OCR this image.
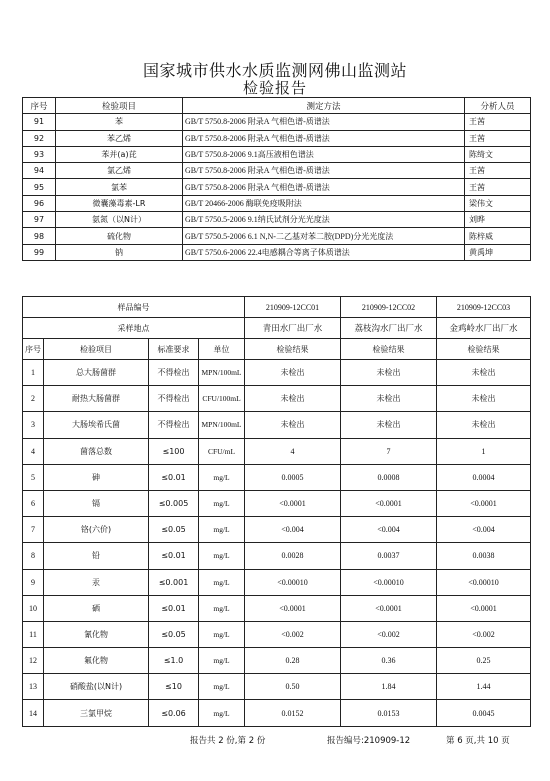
国家城市供水水质监测网佛山监测站
检验报告
序号	检验项目	测定方法	分析人员
91	苯	GB/T 5750.8-2006 附录A 气相色谱-质谱法	王茜
92	苯乙烯	GB/T 5750.8-2006 附录A 气相色谱-质谱法	王茜
93	苯并(a)芘	GB/T 5750.8-2006 9.1高压液相色谱法	陈绮文
94	氯乙烯	GB/T 5750.8-2006 附录A 气相色谱-质谱法	王茜
95	氯苯	GB/T 5750.8-2006 附录A 气相色谱-质谱法	王茜
96	微囊藻毒素-LR	GB/T 20466-2006 酶联免疫吸附法	梁伟文
97	氨氮（以N计）	GB/T 5750.5-2006 9.1纳氏试剂分光光度法	刘晔
98	硫化物	GB/T 5750.5-2006 6.1 N,N-二乙基对苯二胺(DPD)分光光度法	陈梓威
99	钠	GB/T 5750.6-2006 22.4电感耦合等离子体质谱法	黄禹坤
样品编号				210909-12CC01	210909-12CC02	210909-12CC03
采样地点				青田水厂出厂水	荔枝沟水厂出厂水	金鸡岭水厂出厂水
序号	检验项目	标准要求	单位	检验结果	检验结果	检验结果
1	总大肠菌群	不得检出	MPN/100mL	未检出	未检出	未检出
2	耐热大肠菌群	不得检出	CFU/100mL	未检出	未检出	未检出
3	大肠埃希氏菌	不得检出	MPN/100mL	未检出	未检出	未检出
4	菌落总数	≤100	CFU/mL	4	7	1
5	砷	≤0.01	mg/L	0.0005	0.0008	0.0004
6	镉	≤0.005	mg/L	<0.0001	<0.0001	<0.0001
7	铬(六价)	≤0.05	mg/L	<0.004	<0.004	<0.004
8	铅	≤0.01	mg/L	0.0028	0.0037	0.0038
9	汞	≤0.001	mg/L	<0.00010	<0.00010	<0.00010
10	硒	≤0.01	mg/L	<0.0001	<0.0001	<0.0001
11	氰化物	≤0.05	mg/L	<0.002	<0.002	<0.002
12	氟化物	≤1.0	mg/L	0.28	0.36	0.25
13	硝酸盐(以N计)	≤10	mg/L	0.50	1.84	1.44
14	三氯甲烷	≤0.06	mg/L	0.0152	0.0153	0.0045
报告共 2 份,第 2 份	报告编号:210909-12	第 6 页,共 10 页
